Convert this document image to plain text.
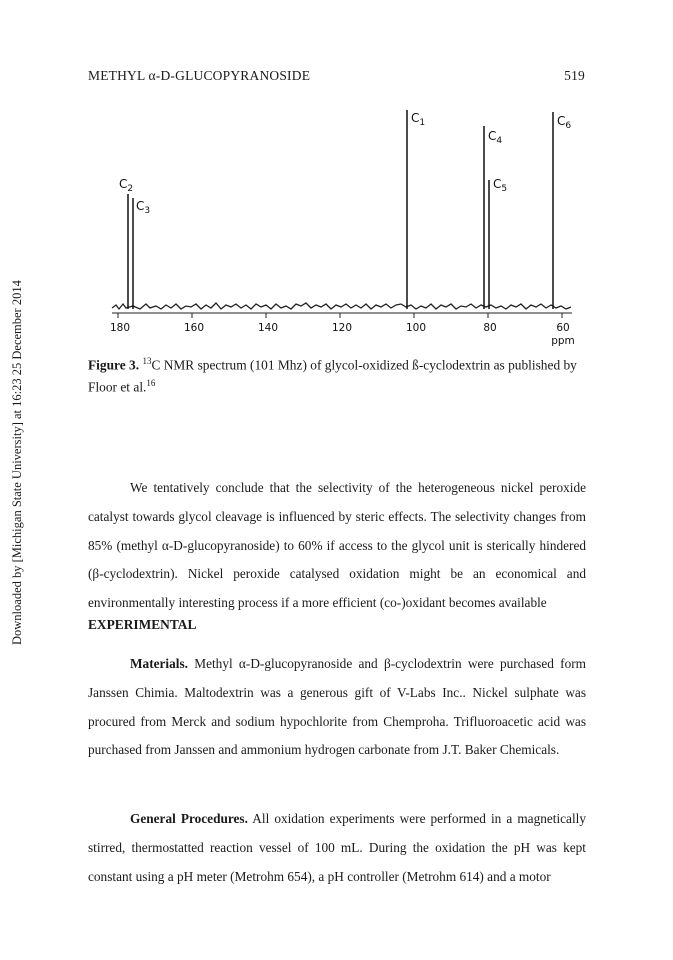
METHYL α-D-GLUCOPYRANOSIDE	519
Downloaded by [Michigan State University] at 16:23 25 December 2014
$C_1$
$C_2$
$C_3$
$C_4$
$C_5$
$C_6$
180	160	140	120	100	80	60
ppm
Figure 3. $^{13}$C NMR spectrum (101 Mhz) of glycol-oxidized ß-cyclodextrin as published by Floor et al.$^{16}$
We tentatively conclude that the selectivity of the heterogeneous nickel peroxide catalyst towards glycol cleavage is influenced by steric effects. The selectivity changes from 85% (methyl α-D-glucopyranoside) to 60% if access to the glycol unit is sterically hindered (β-cyclodextrin). Nickel peroxide catalysed oxidation might be an economical and environmentally interesting process if a more efficient (co-)oxidant becomes available
EXPERIMENTAL
Materials. Methyl α-D-glucopyranoside and β-cyclodextrin were purchased form Janssen Chimia. Maltodextrin was a generous gift of V-Labs Inc.. Nickel sulphate was procured from Merck and sodium hypochlorite from Chemproha. Trifluoroacetic acid was purchased from Janssen and ammonium hydrogen carbonate from J.T. Baker Chemicals.
General Procedures. All oxidation experiments were performed in a magnetically stirred, thermostatted reaction vessel of 100 mL. During the oxidation the pH was kept constant using a pH meter (Metrohm 654), a pH controller (Metrohm 614) and a motor
